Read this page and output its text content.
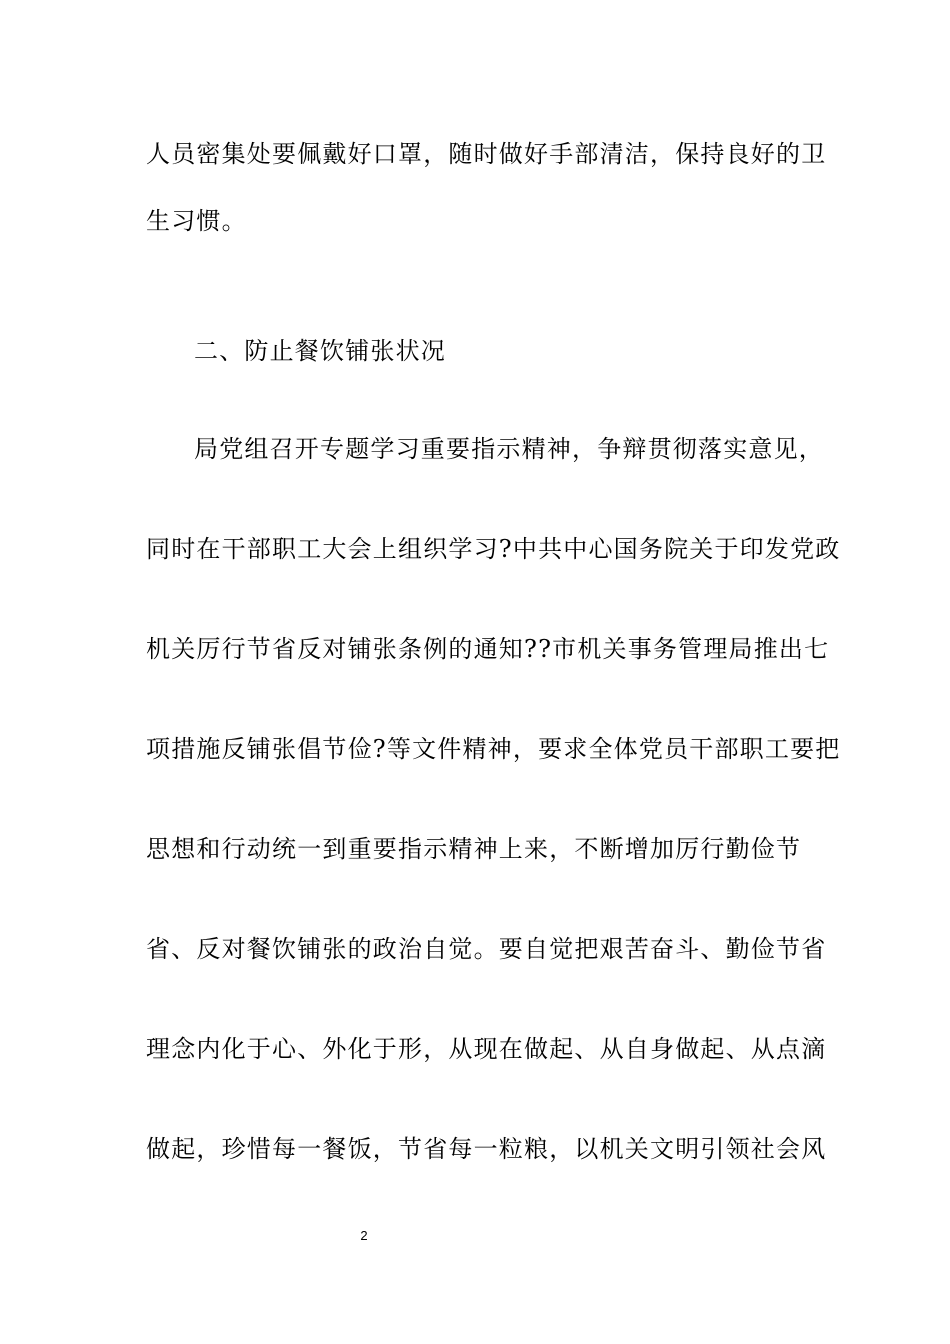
人员密集处要佩戴好口罩，随时做好手部清洁，保持良好的卫
生习惯。
二、防止餐饮铺张状况
局党组召开专题学习重要指示精神，争辩贯彻落实意见，
同时在干部职工大会上组织学习?中共中心国务院关于印发党政
机关厉行节省反对铺张条例的通知??市机关事务管理局推出七
项措施反铺张倡节俭?等文件精神，要求全体党员干部职工要把
思想和行动统一到重要指示精神上来，不断增加厉行勤俭节
省、反对餐饮铺张的政治自觉。要自觉把艰苦奋斗、勤俭节省
理念内化于心、外化于形，从现在做起、从自身做起、从点滴
做起，珍惜每一餐饭，节省每一粒粮，以机关文明引领社会风
2
